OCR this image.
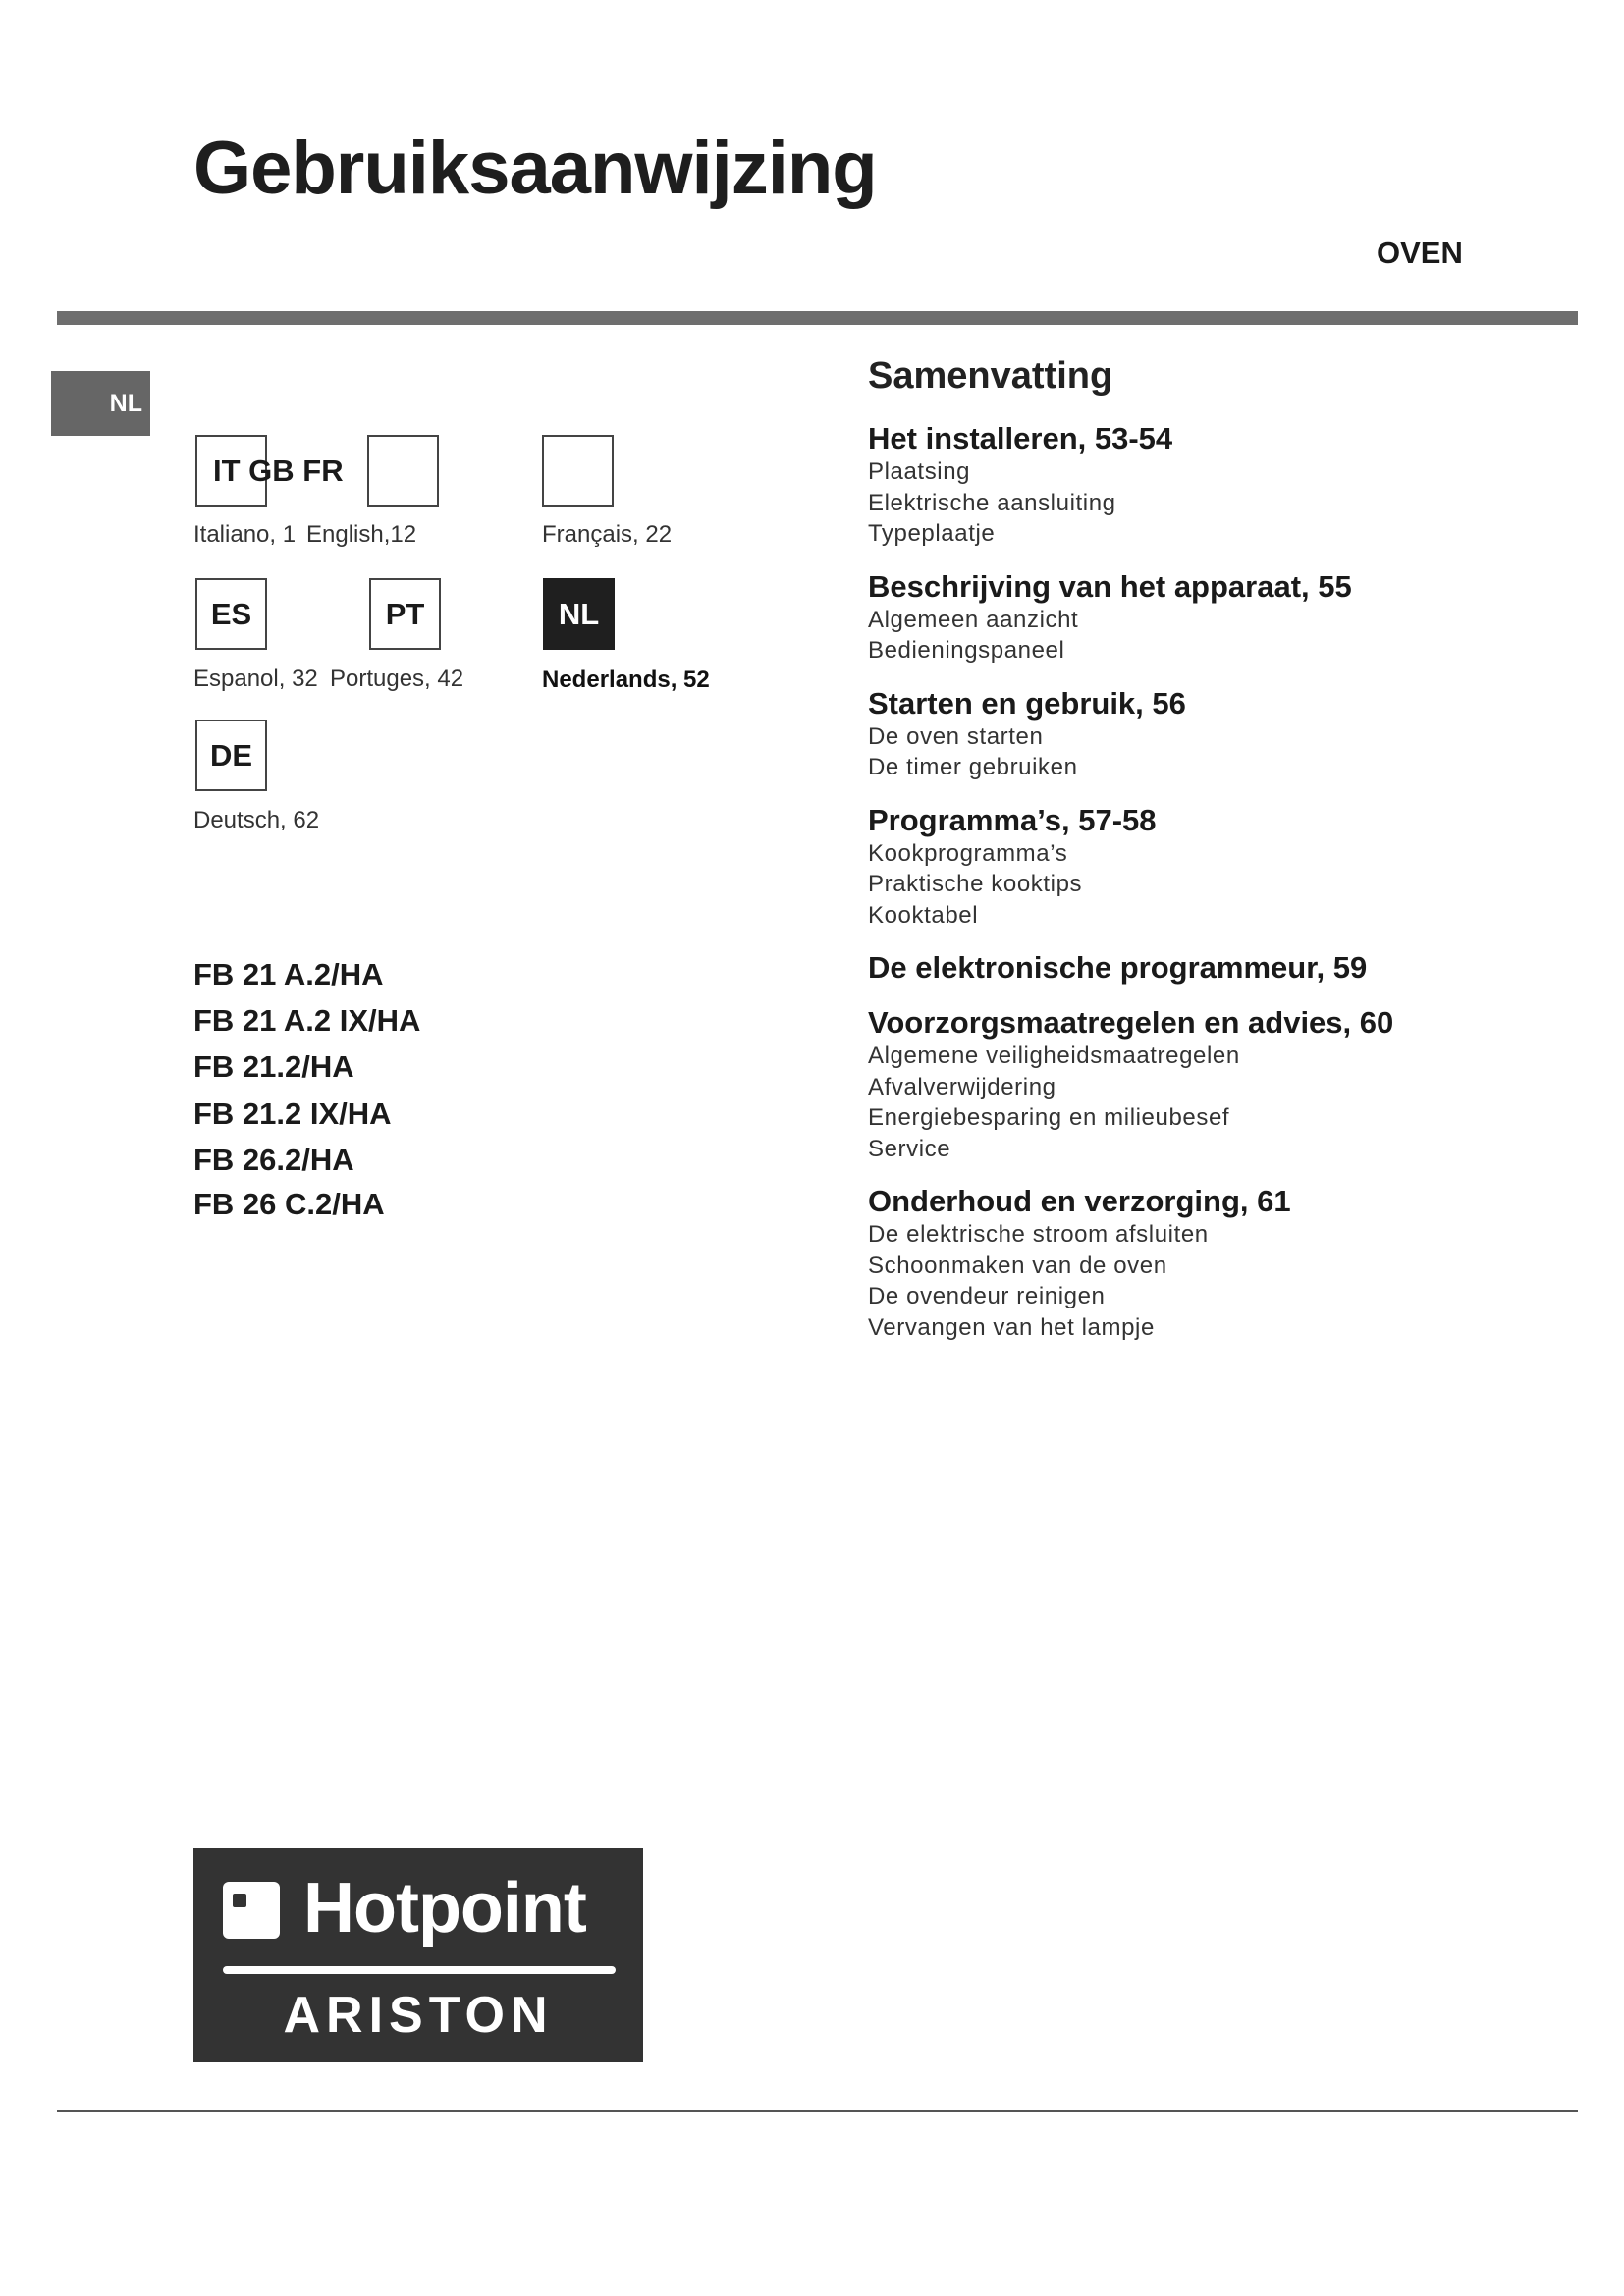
Gebruiksaanwijzing
OVEN
NL
IT GB FR
Italiano, 1 English,12	Français, 22
ES	PT	NL
Espanol, 32 Portuges, 42	Nederlands, 52
DE
Deutsch, 62
FB 21 A.2/HA
FB 21 A.2 IX/HA
FB 21.2/HA
FB 21.2 IX/HA
FB 26.2/HA
FB 26 C.2/HA
Samenvatting
Het installeren, 53-54
Plaatsing
Elektrische aansluiting
Typeplaatje
Beschrijving van het apparaat, 55
Algemeen aanzicht
Bedieningspaneel
Starten en gebruik, 56
De oven starten
De timer gebruiken
Programma’s, 57-58
Kookprogramma’s
Praktische kooktips
Kooktabel
De elektronische programmeur, 59
Voorzorgsmaatregelen en advies, 60
Algemene veiligheidsmaatregelen
Afvalverwijdering
Energiebesparing en milieubesef
Service
Onderhoud en verzorging, 61
De elektrische stroom afsluiten
Schoonmaken van de oven
De ovendeur reinigen
Vervangen van het lampje
Hotpoint
ARISTON
